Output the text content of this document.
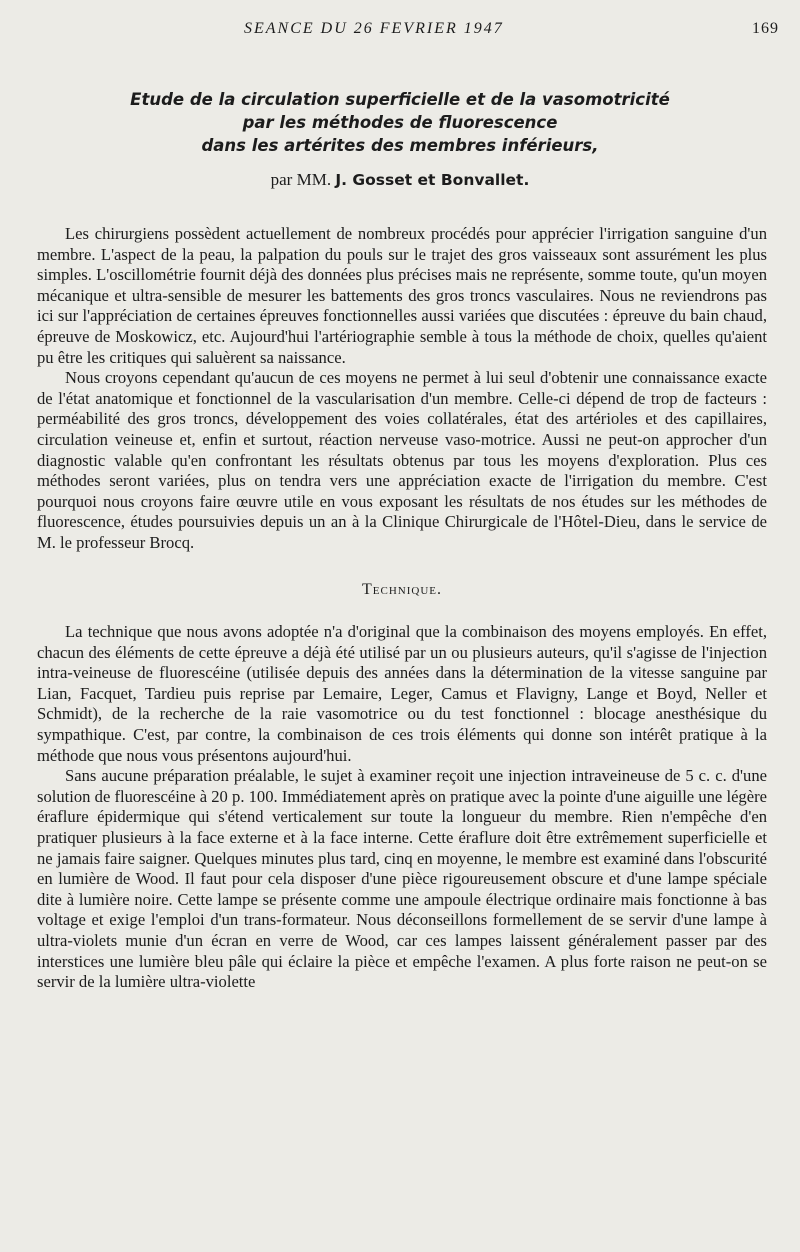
SEANCE DU 26 FEVRIER 1947	169
Etude de la circulation superficielle et de la vasomotricité
par les méthodes de fluorescence
dans les artérites des membres inférieurs,
par MM. J. Gosset et Bonvallet.

Les chirurgiens possèdent actuellement de nombreux procédés pour apprécier l'irrigation sanguine d'un membre. L'aspect de la peau, la palpation du pouls sur le trajet des gros vaisseaux sont assurément les plus simples. L'oscillométrie fournit déjà des données plus précises mais ne représente, somme toute, qu'un moyen mécanique et ultra-sensible de mesurer les battements des gros troncs vasculaires. Nous ne reviendrons pas ici sur l'appréciation de certaines épreuves fonctionnelles aussi variées que discutées : épreuve du bain chaud, épreuve de Moskowicz, etc. Aujourd'hui l'artériographie semble à tous la méthode de choix, quelles qu'aient pu être les critiques qui saluèrent sa naissance.

Nous croyons cependant qu'aucun de ces moyens ne permet à lui seul d'obtenir une connaissance exacte de l'état anatomique et fonctionnel de la vascularisation d'un membre. Celle-ci dépend de trop de facteurs : perméabilité des gros troncs, développement des voies collatérales, état des artérioles et des capillaires, circulation veineuse et, enfin et surtout, réaction nerveuse vaso-motrice. Aussi ne peut-on approcher d'un diagnostic valable qu'en confrontant les résultats obtenus par tous les moyens d'exploration. Plus ces méthodes seront variées, plus on tendra vers une appréciation exacte de l'irrigation du membre. C'est pourquoi nous croyons faire œuvre utile en vous exposant les résultats de nos études sur les méthodes de fluorescence, études poursuivies depuis un an à la Clinique Chirurgicale de l'Hôtel-Dieu, dans le service de M. le professeur Brocq.

Technique.

La technique que nous avons adoptée n'a d'original que la combinaison des moyens employés. En effet, chacun des éléments de cette épreuve a déjà été utilisé par un ou plusieurs auteurs, qu'il s'agisse de l'injection intra-veineuse de fluorescéine (utilisée depuis des années dans la détermination de la vitesse sanguine par Lian, Facquet, Tardieu puis reprise par Lemaire, Leger, Camus et Flavigny, Lange et Boyd, Neller et Schmidt), de la recherche de la raie vasomotrice ou du test fonctionnel : blocage anesthésique du sympathique. C'est, par contre, la combinaison de ces trois éléments qui donne son intérêt pratique à la méthode que nous vous présentons aujourd'hui.

Sans aucune préparation préalable, le sujet à examiner reçoit une injection intraveineuse de 5 c. c. d'une solution de fluorescéine à 20 p. 100. Immédiatement après on pratique avec la pointe d'une aiguille une légère éraflure épidermique qui s'étend verticalement sur toute la longueur du membre. Rien n'empêche d'en pratiquer plusieurs à la face externe et à la face interne. Cette éraflure doit être extrêmement superficielle et ne jamais faire saigner. Quelques minutes plus tard, cinq en moyenne, le membre est examiné dans l'obscurité en lumière de Wood. Il faut pour cela disposer d'une pièce rigoureusement obscure et d'une lampe spéciale dite à lumière noire. Cette lampe se présente comme une ampoule électrique ordinaire mais fonctionne à bas voltage et exige l'emploi d'un trans-formateur. Nous déconseillons formellement de se servir d'une lampe à ultra-violets munie d'un écran en verre de Wood, car ces lampes laissent généralement passer par des interstices une lumière bleu pâle qui éclaire la pièce et empêche l'examen. A plus forte raison ne peut-on se servir de la lumière ultra-violette
